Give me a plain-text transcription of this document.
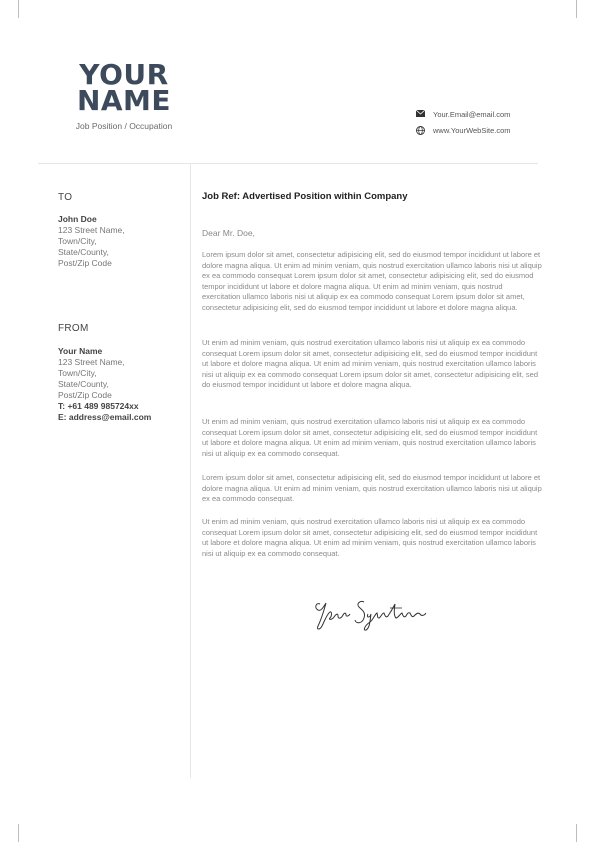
YOUR
NAME
Job Position / Occupation
Your.Email@email.com
www.YourWebSite.com
TO
John Doe
123 Street Name,
Town/City,
State/County,
Post/Zip Code
FROM
Your Name
123 Street Name,
Town/City,
State/County,
Post/Zip Code
T: +61 489 985724xx
E: address@email.com
Job Ref: Advertised Position within Company
Dear Mr. Doe,

Lorem ipsum dolor sit amet, consectetur adipisicing elit, sed do eiusmod tempor incididunt ut labore et dolore magna aliqua. Ut enim ad minim veniam, quis nostrud exercitation ullamco laboris nisi ut aliquip ex ea commodo consequat Lorem ipsum dolor sit amet, consectetur adipisicing elit, sed do eiusmod tempor incididunt ut labore et dolore magna aliqua. Ut enim ad minim veniam, quis nostrud exercitation ullamco laboris nisi ut aliquip ex ea commodo consequat Lorem ipsum dolor sit amet, consectetur adipisicing elit, sed do eiusmod tempor incididunt ut labore et dolore magna aliqua.

Ut enim ad minim veniam, quis nostrud exercitation ullamco laboris nisi ut aliquip ex ea commodo consequat Lorem ipsum dolor sit amet, consectetur adipisicing elit, sed do eiusmod tempor incididunt ut labore et dolore magna aliqua. Ut enim ad minim veniam, quis nostrud exercitation ullamco laboris nisi ut aliquip ex ea commodo consequat Lorem ipsum dolor sit amet, consectetur adipisicing elit, sed do eiusmod tempor incididunt ut labore et dolore magna aliqua.

Ut enim ad minim veniam, quis nostrud exercitation ullamco laboris nisi ut aliquip ex ea commodo consequat Lorem ipsum dolor sit amet, consectetur adipisicing elit, sed do eiusmod tempor incididunt ut labore et dolore magna aliqua. Ut enim ad minim veniam, quis nostrud exercitation ullamco laboris nisi ut aliquip ex ea commodo consequat.

Lorem ipsum dolor sit amet, consectetur adipisicing elit, sed do eiusmod tempor incididunt ut labore et dolore magna aliqua. Ut enim ad minim veniam, quis nostrud exercitation ullamco laboris nisi ut aliquip ex ea commodo consequat.

Ut enim ad minim veniam, quis nostrud exercitation ullamco laboris nisi ut aliquip ex ea commodo consequat Lorem ipsum dolor sit amet, consectetur adipisicing elit, sed do eiusmod tempor incididunt ut labore et dolore magna aliqua. Ut enim ad minim veniam, quis nostrud exercitation ullamco laboris nisi ut aliquip ex ea commodo consequat.
